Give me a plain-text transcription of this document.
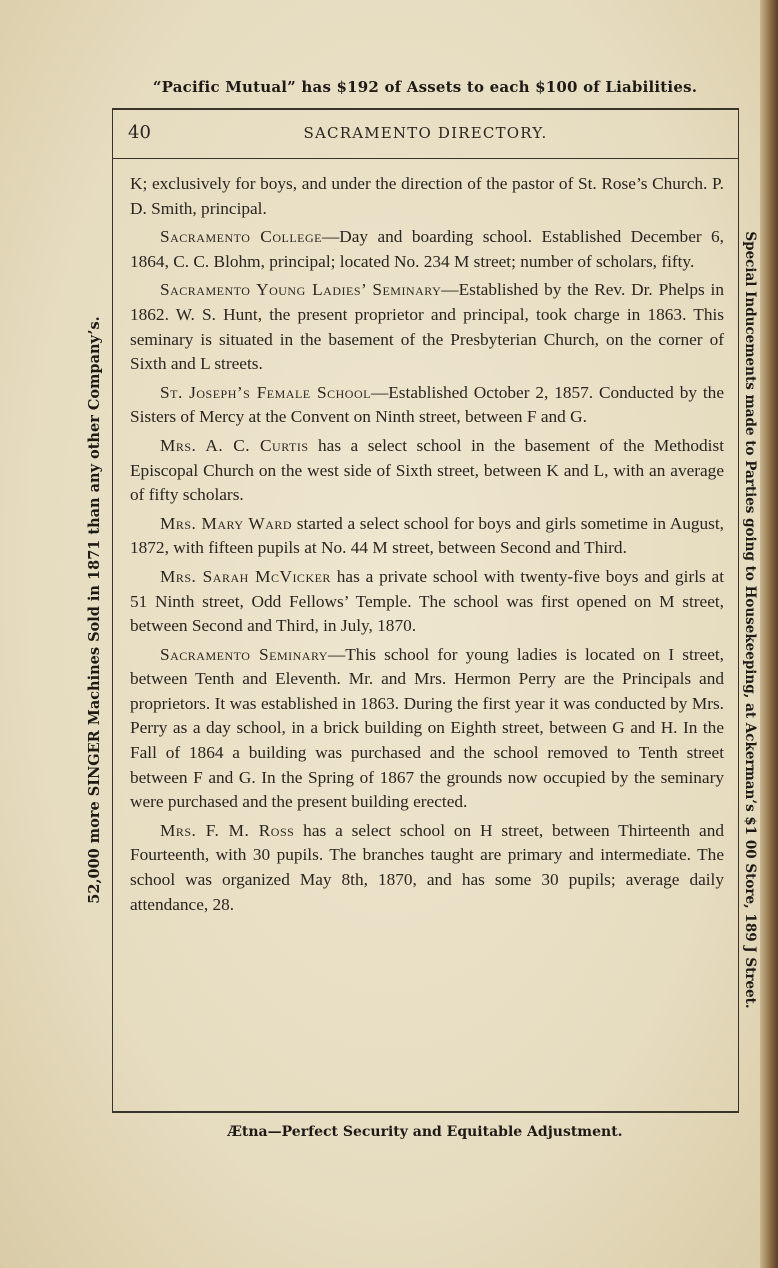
“Pacific Mutual” has $192 of Assets to each $100 of Liabilities.
52,000 more SINGER Machines Sold in 1871 than any other Company’s.	Special Inducements made to Parties going to Housekeeping, at Ackerman’s $1 00 Store, 189 J Street.
40	SACRAMENTO DIRECTORY.

K; exclusively for boys, and under the direction of the pastor of St. Rose’s Church. P. D. Smith, principal.

Sacramento College—Day and boarding school. Established December 6, 1864, C. C. Blohm, principal; located No. 234 M street; number of scholars, fifty.

Sacramento Young Ladies’ Seminary—Established by the Rev. Dr. Phelps in 1862. W. S. Hunt, the present proprietor and principal, took charge in 1863. This seminary is situated in the basement of the Presbyterian Church, on the corner of Sixth and L streets.

St. Joseph’s Female School—Established October 2, 1857. Conducted by the Sisters of Mercy at the Convent on Ninth street, between F and G.

Mrs. A. C. Curtis has a select school in the basement of the Methodist Episcopal Church on the west side of Sixth street, between K and L, with an average of fifty scholars.

Mrs. Mary Ward started a select school for boys and girls sometime in August, 1872, with fifteen pupils at No. 44 M street, between Second and Third.

Mrs. Sarah McVicker has a private school with twenty-five boys and girls at 51 Ninth street, Odd Fellows’ Temple. The school was first opened on M street, between Second and Third, in July, 1870.

Sacramento Seminary—This school for young ladies is located on I street, between Tenth and Eleventh. Mr. and Mrs. Hermon Perry are the Principals and proprietors. It was established in 1863. During the first year it was conducted by Mrs. Perry as a day school, in a brick building on Eighth street, between G and H. In the Fall of 1864 a building was purchased and the school removed to Tenth street between F and G. In the Spring of 1867 the grounds now occupied by the seminary were purchased and the present building erected.

Mrs. F. M. Ross has a select school on H street, between Thirteenth and Fourteenth, with 30 pupils. The branches taught are primary and intermediate. The school was organized May 8th, 1870, and has some 30 pupils; average daily attendance, 28.

Ætna—Perfect Security and Equitable Adjustment.
